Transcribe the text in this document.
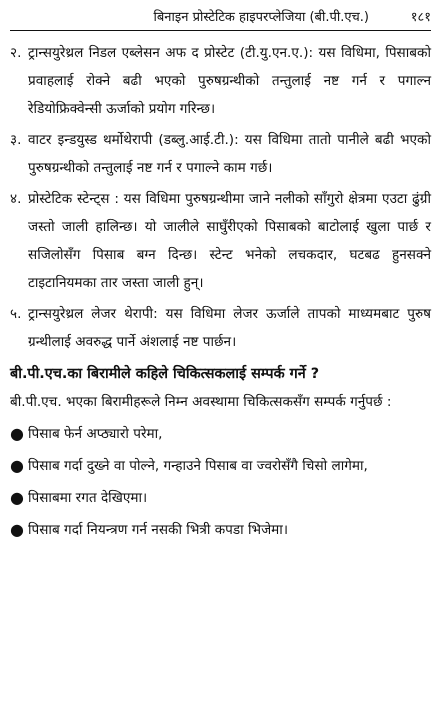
बिनाइन प्रोस्टेटिक हाइपरप्लेजिया (बी.पी.एच.)	१८१
२. ट्रान्सयुरेथ्रल निडल एब्लेसन अफ द प्रोस्टेट (टी.यु.एन.ए.): यस विधिमा, पिसाबको प्रवाहलाई रोक्ने बढी भएको पुरुषग्रन्थीको तन्तुलाई नष्ट गर्न र पगाल्न रेडियोफ्रिक्वेन्सी ऊर्जाको प्रयोग गरिन्छ।
३. वाटर इन्डयुस्ड थर्मोथेरापी (डब्लु.आई.टी.): यस विधिमा तातो पानीले बढी भएको पुरुषग्रन्थीको तन्तुलाई नष्ट गर्न र पगाल्ने काम गर्छ।
४. प्रोस्टेटिक स्टेन्ट्स : यस विधिमा पुरुषग्रन्थीमा जाने नलीको साँगुरो क्षेत्रमा एउटा ढुंग्री जस्तो जाली हालिन्छ। यो जालीले साघुँरीएको पिसाबको बाटोलाई खुला पार्छ र सजिलोसँग पिसाब बग्न दिन्छ। स्टेन्ट भनेको लचकदार, घटबढ हुनसक्ने टाइटानियमका तार जस्ता जाली हुन्।
५. ट्रान्सयुरेथ्रल लेजर थेरापी: यस विधिमा लेजर ऊर्जाले तापको माध्यमबाट पुरुष ग्रन्थीलाई अवरुद्ध पार्ने अंशलाई नष्ट पार्छन।
बी.पी.एच.का बिरामीले कहिले चिकित्सकलाई सम्पर्क गर्ने ?
बी.पी.एच. भएका बिरामीहरूले निम्न अवस्थामा चिकित्सकसँग सम्पर्क गर्नुपर्छ :
● पिसाब फेर्न अप्ठ्यारो परेमा,
● पिसाब गर्दा दुख्ने वा पोल्ने, गन्हाउने पिसाब वा ज्वरोसँगै चिसो लागेमा,
● पिसाबमा रगत देखिएमा।
● पिसाब गर्दा नियन्त्रण गर्न नसकी भित्री कपडा भिजेमा।
